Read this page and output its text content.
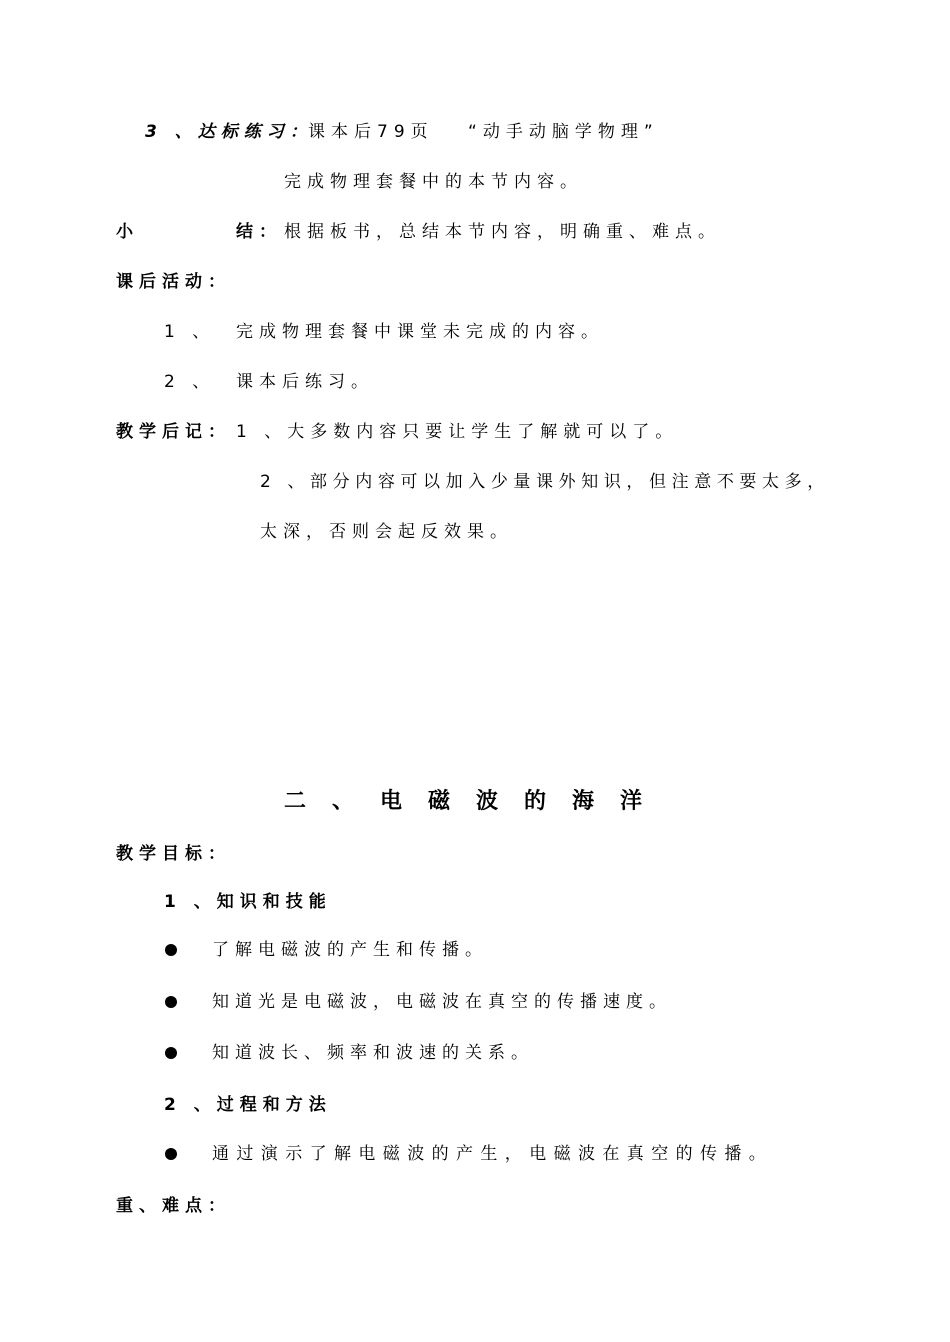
3 、达标练习：
课本后79页　 “动手动脑学物理”
完成物理套餐中的本节内容。
小	结： 根据板书，总结本节内容，明确重、难点。
课后活动：
1 、 完成物理套餐中课堂未完成的内容。
2 、 课本后练习。
教学后记： 1 、大多数内容只要让学生了解就可以了。
2 、部分内容可以加入少量课外知识，但注意不要太多，
太深，否则会起反效果。
二 、 电 磁 波 的 海 洋
教学目标：
1 、知识和技能
了解电磁波的产生和传播。
知道光是电磁波，电磁波在真空的传播速度。
知道波长、频率和波速的关系。
2 、过程和方法
通过演示了解电磁波的产生，电磁波在真空的传播。
重、难点：
